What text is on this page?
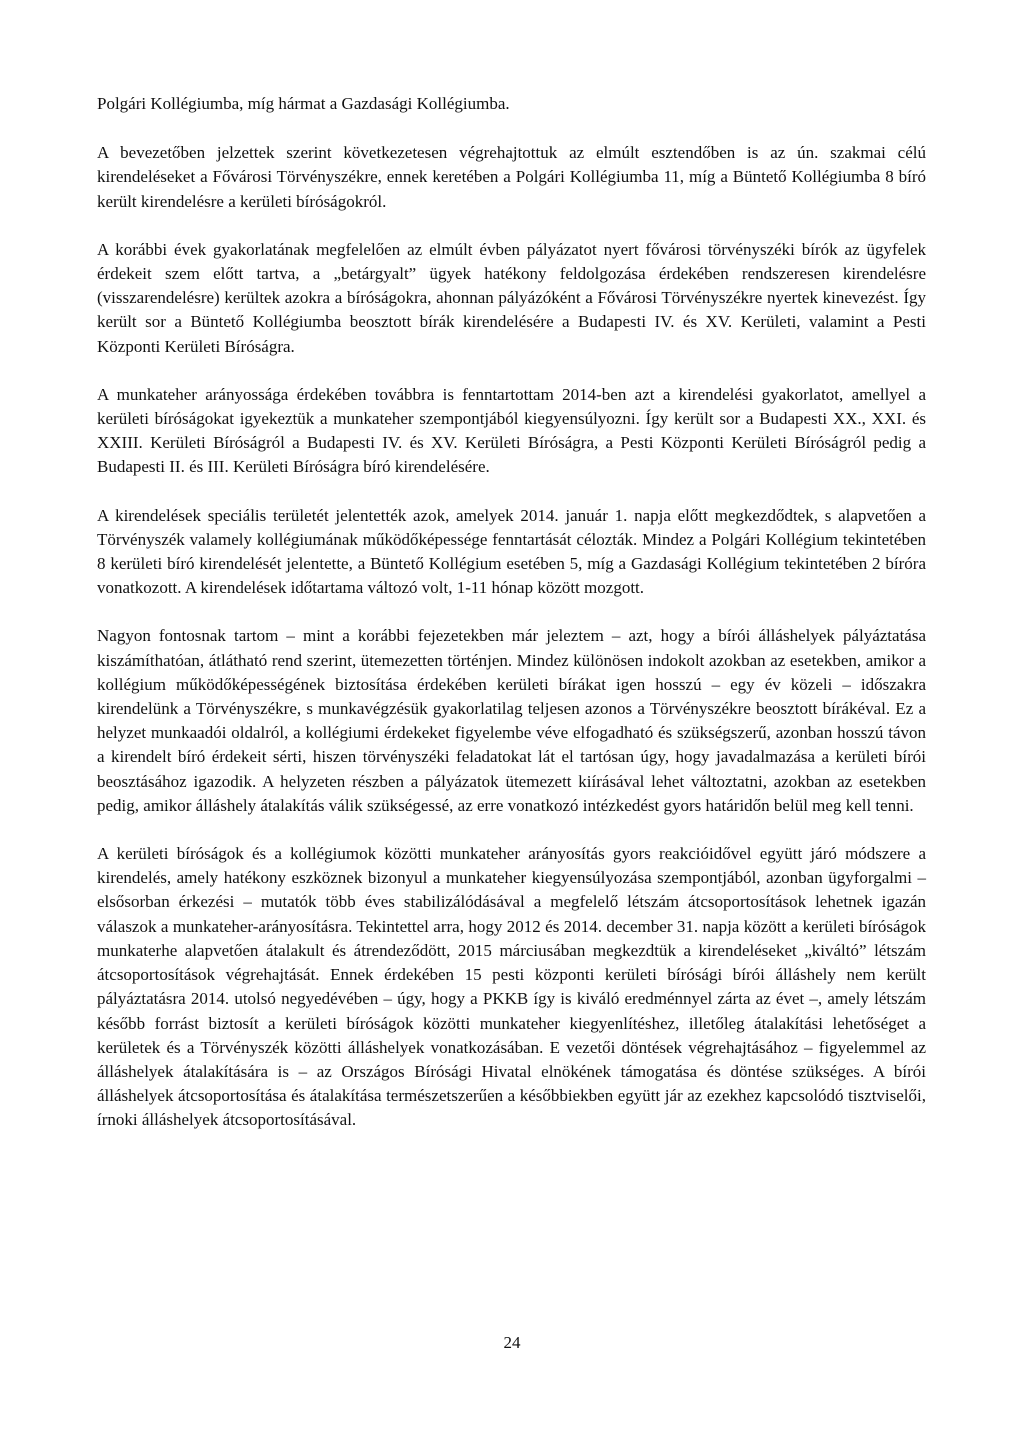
Polgári Kollégiumba, míg hármat a Gazdasági Kollégiumba.

A bevezetőben jelzettek szerint következetesen végrehajtottuk az elmúlt esztendőben is az ún. szakmai célú kirendeléseket a Fővárosi Törvényszékre, ennek keretében a Polgári Kollégiumba 11, míg a Büntető Kollégiumba 8 bíró került kirendelésre a kerületi bíróságokról.

A korábbi évek gyakorlatának megfelelően az elmúlt évben pályázatot nyert fővárosi törvényszéki bírók az ügyfelek érdekeit szem előtt tartva, a „betárgyalt” ügyek hatékony feldolgozása érdekében rendszeresen kirendelésre (visszarendelésre) kerültek azokra a bíróságokra, ahonnan pályázóként a Fővárosi Törvényszékre nyertek kinevezést. Így került sor a Büntető Kollégiumba beosztott bírák kirendelésére a Budapesti IV. és XV. Kerületi, valamint a Pesti Központi Kerületi Bíróságra.

A munkateher arányossága érdekében továbbra is fenntartottam 2014-ben azt a kirendelési gyakorlatot, amellyel a kerületi bíróságokat igyekeztük a munkateher szempontjából kiegyensúlyozni. Így került sor a Budapesti XX., XXI. és XXIII. Kerületi Bíróságról a Budapesti IV. és XV. Kerületi Bíróságra, a Pesti Központi Kerületi Bíróságról pedig a Budapesti II. és III. Kerületi Bíróságra bíró kirendelésére.

A kirendelések speciális területét jelentették azok, amelyek 2014. január 1. napja előtt megkezdődtek, s alapvetően a Törvényszék valamely kollégiumának működőképessége fenntartását célozták. Mindez a Polgári Kollégium tekintetében 8 kerületi bíró kirendelését jelentette, a Büntető Kollégium esetében 5, míg a Gazdasági Kollégium tekintetében 2 bíróra vonatkozott. A kirendelések időtartama változó volt, 1-11 hónap között mozgott.

Nagyon fontosnak tartom – mint a korábbi fejezetekben már jeleztem – azt, hogy a bírói álláshelyek pályáztatása kiszámíthatóan, átlátható rend szerint, ütemezetten történjen. Mindez különösen indokolt azokban az esetekben, amikor a kollégium működőképességének biztosítása érdekében kerületi bírákat igen hosszú – egy év közeli – időszakra kirendelünk a Törvényszékre, s munkavégzésük gyakorlatilag teljesen azonos a Törvényszékre beosztott bírákéval. Ez a helyzet munkaadói oldalról, a kollégiumi érdekeket figyelembe véve elfogadható és szükségszerű, azonban hosszú távon a kirendelt bíró érdekeit sérti, hiszen törvényszéki feladatokat lát el tartósan úgy, hogy javadalmazása a kerületi bírói beosztásához igazodik. A helyzeten részben a pályázatok ütemezett kiírásával lehet változtatni, azokban az esetekben pedig, amikor álláshely átalakítás válik szükségessé, az erre vonatkozó intézkedést gyors határidőn belül meg kell tenni.

A kerületi bíróságok és a kollégiumok közötti munkateher arányosítás gyors reakcióidővel együtt járó módszere a kirendelés, amely hatékony eszköznek bizonyul a munkateher kiegyensúlyozása szempontjából, azonban ügyforgalmi – elsősorban érkezési – mutatók több éves stabilizálódásával a megfelelő létszám átcsoportosítások lehetnek igazán válaszok a munkateher-arányosításra. Tekintettel arra, hogy 2012 és 2014. december 31. napja között a kerületi bíróságok munkaterhe alapvetően átalakult és átrendeződött, 2015 márciusában megkezdtük a kirendeléseket „kiváltó” létszám átcsoportosítások végrehajtását. Ennek érdekében 15 pesti központi kerületi bírósági bírói álláshely nem került pályáztatásra 2014. utolsó negyedévében – úgy, hogy a PKKB így is kiváló eredménnyel zárta az évet –, amely létszám később forrást biztosít a kerületi bíróságok közötti munkateher kiegyenlítéshez, illetőleg átalakítási lehetőséget a kerületek és a Törvényszék közötti álláshelyek vonatkozásában. E vezetői döntések végrehajtásához – figyelemmel az álláshelyek átalakítására is – az Országos Bírósági Hivatal elnökének támogatása és döntése szükséges. A bírói álláshelyek átcsoportosítása és átalakítása természetszerűen a későbbiekben együtt jár az ezekhez kapcsolódó tisztviselői, írnoki álláshelyek átcsoportosításával.

24
